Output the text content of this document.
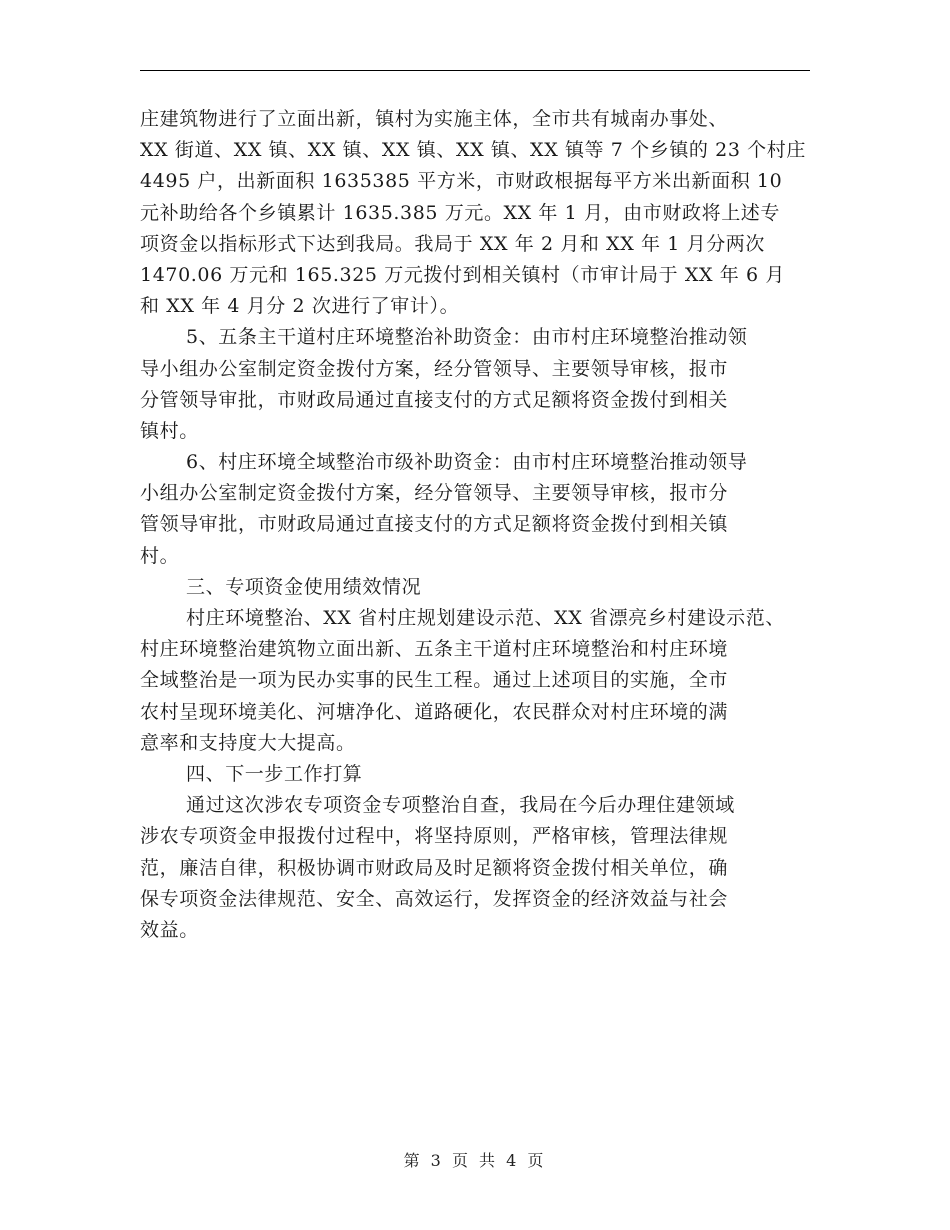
庄建筑物进行了立面出新，镇村为实施主体，全市共有城南办事处、
XX 街道、XX 镇、XX 镇、XX 镇、XX 镇、XX 镇等 7 个乡镇的 23 个村庄
4495 户，出新面积 1635385 平方米，市财政根据每平方米出新面积 10
元补助给各个乡镇累计 1635.385 万元。XX 年 1 月，由市财政将上述专
项资金以指标形式下达到我局。我局于 XX 年 2 月和 XX 年 1 月分两次
1470.06 万元和 165.325 万元拨付到相关镇村（市审计局于 XX 年 6 月
和 XX 年 4 月分 2 次进行了审计）。
5、五条主干道村庄环境整治补助资金：由市村庄环境整治推动领
导小组办公室制定资金拨付方案，经分管领导、主要领导审核，报市
分管领导审批，市财政局通过直接支付的方式足额将资金拨付到相关
镇村。
6、村庄环境全域整治市级补助资金：由市村庄环境整治推动领导
小组办公室制定资金拨付方案，经分管领导、主要领导审核，报市分
管领导审批，市财政局通过直接支付的方式足额将资金拨付到相关镇
村。
三、专项资金使用绩效情况
村庄环境整治、XX 省村庄规划建设示范、XX 省漂亮乡村建设示范、
村庄环境整治建筑物立面出新、五条主干道村庄环境整治和村庄环境
全域整治是一项为民办实事的民生工程。通过上述项目的实施，全市
农村呈现环境美化、河塘净化、道路硬化，农民群众对村庄环境的满
意率和支持度大大提高。
四、下一步工作打算
通过这次涉农专项资金专项整治自查，我局在今后办理住建领域
涉农专项资金申报拨付过程中，将坚持原则，严格审核，管理法律规
范，廉洁自律，积极协调市财政局及时足额将资金拨付相关单位，确
保专项资金法律规范、安全、高效运行，发挥资金的经济效益与社会
效益。
第 3 页 共 4 页
